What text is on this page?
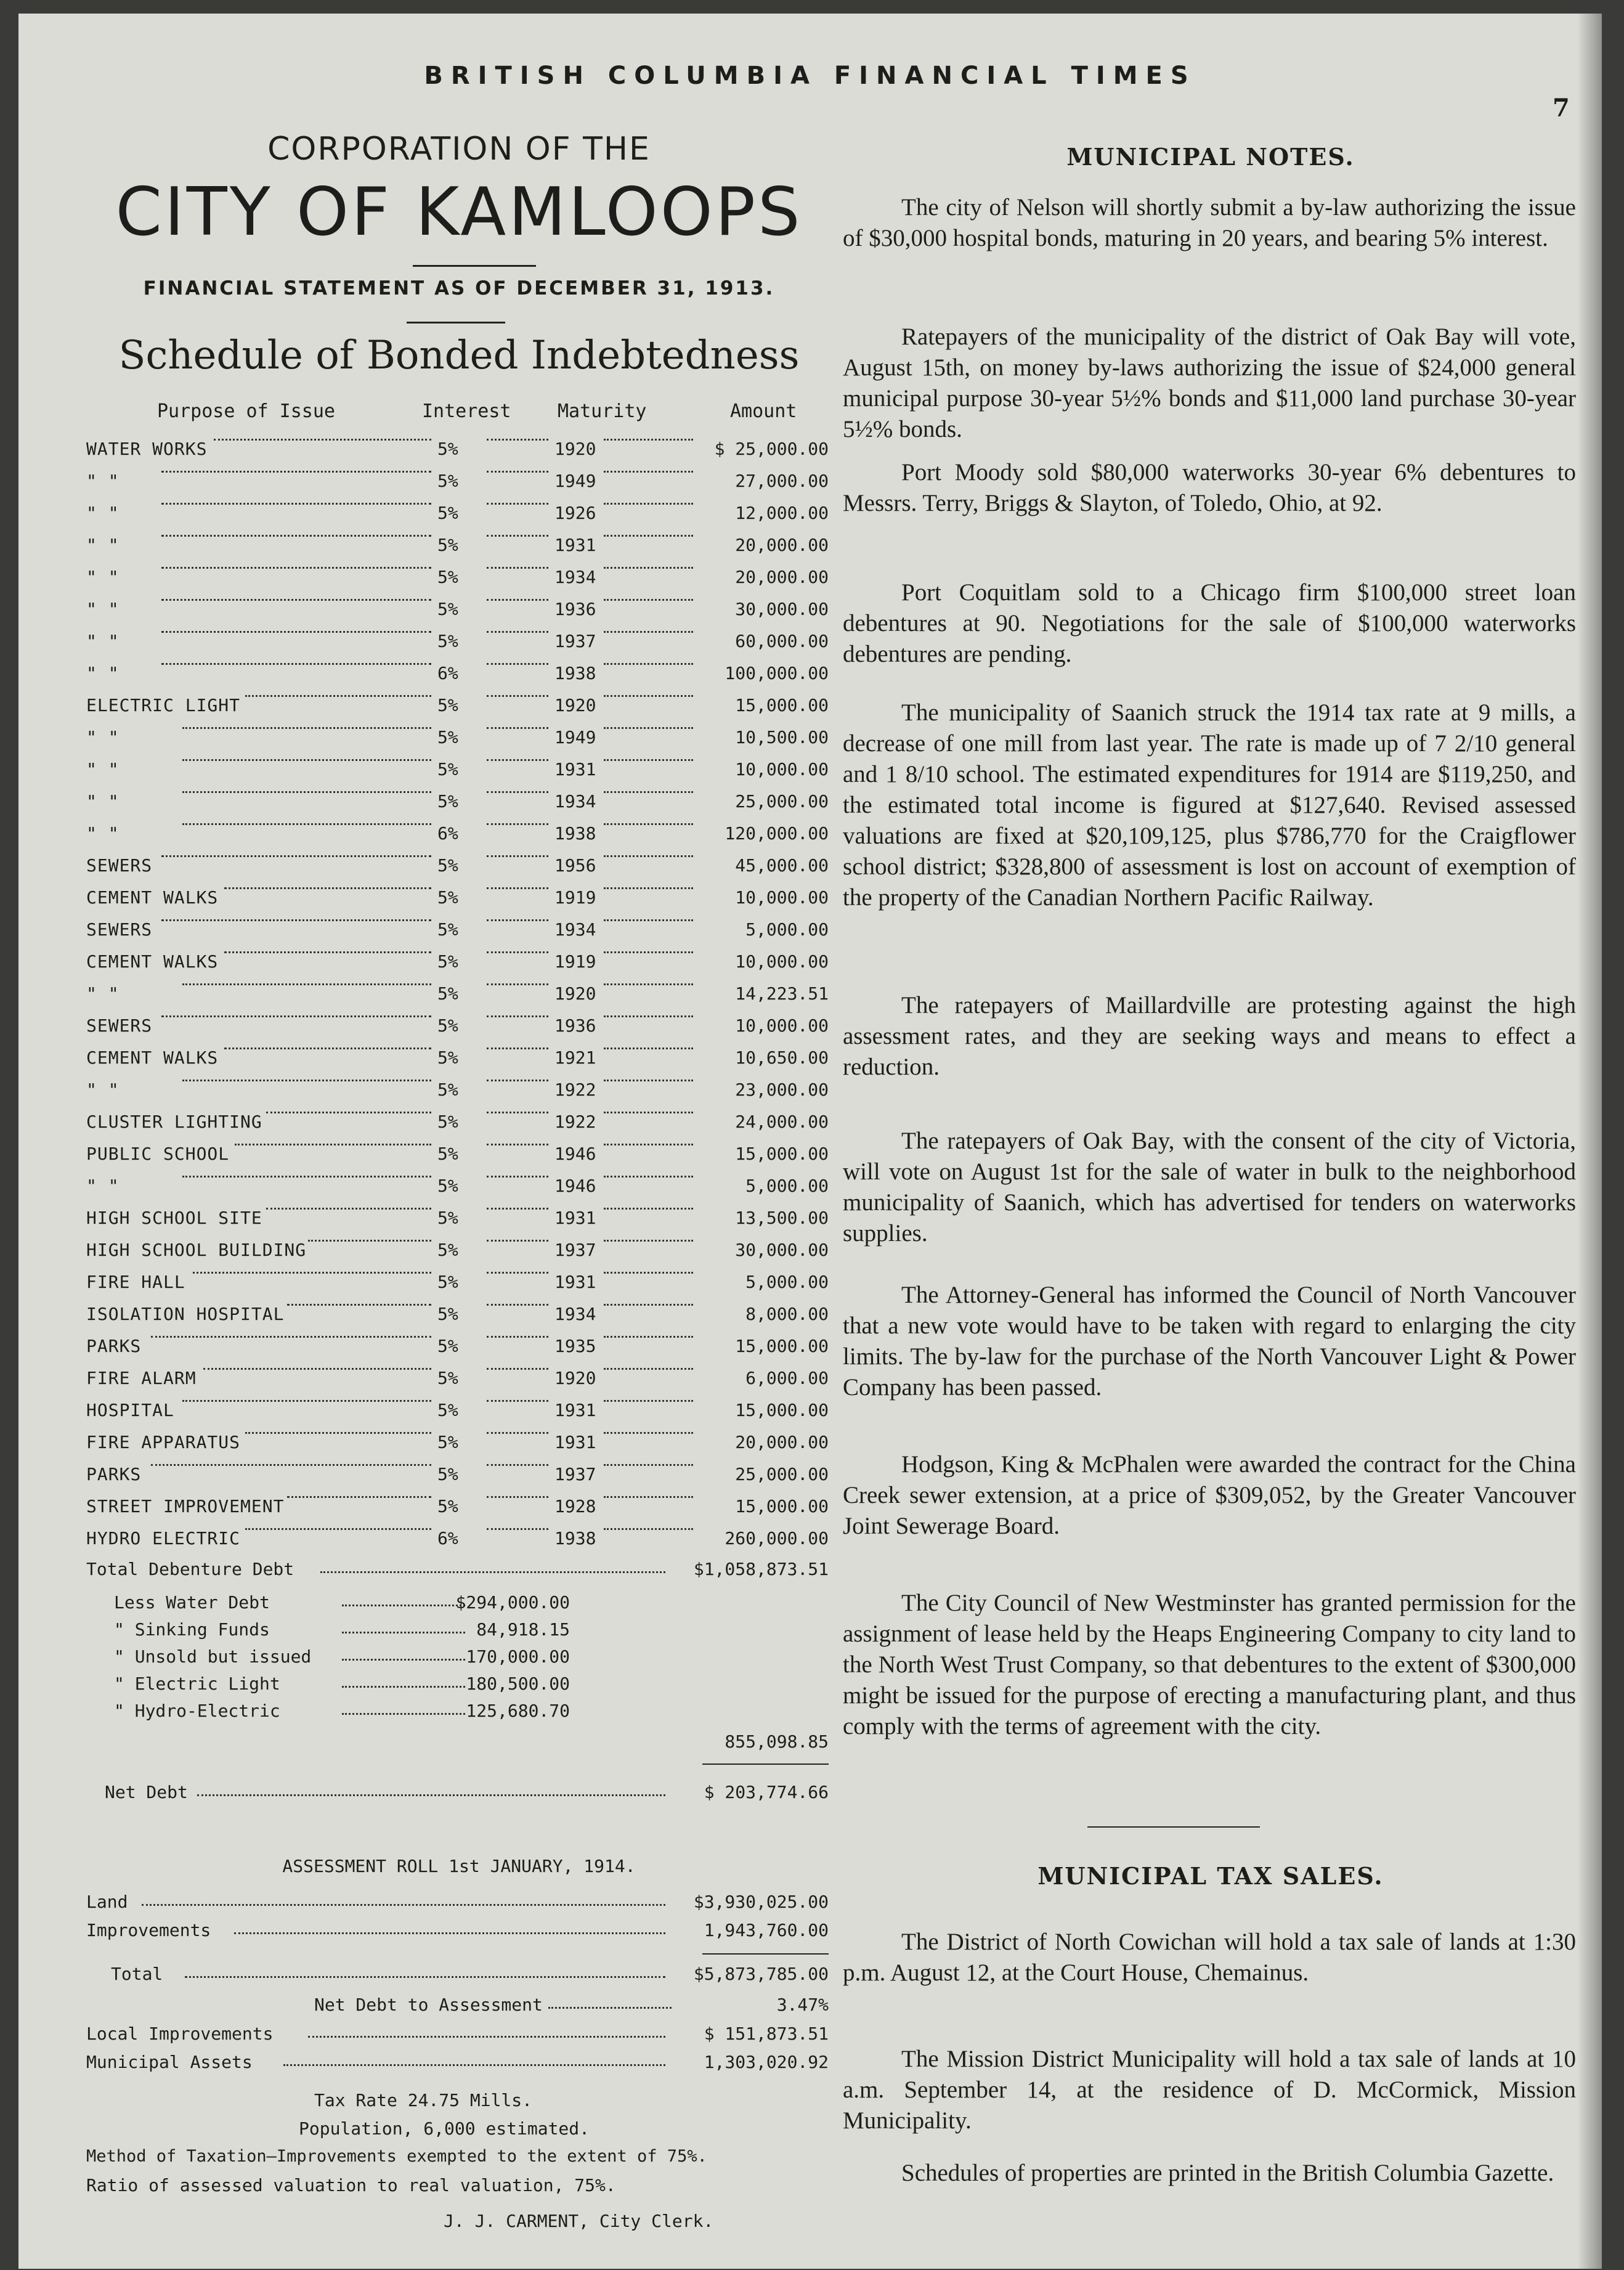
BRITISH COLUMBIA FINANCIAL TIMES
7
CORPORATION OF THE
CITY OF KAMLOOPS
FINANCIAL STATEMENT AS OF DECEMBER 31, 1913.
Schedule of Bonded Indebtedness
Purpose of Issue	Interest	Maturity	Amount
WATER WORKS	5%	1920	$ 25,000.00
" "	5%	1949	27,000.00
" "	5%	1926	12,000.00
" "	5%	1931	20,000.00
" "	5%	1934	20,000.00
" "	5%	1936	30,000.00
" "	5%	1937	60,000.00
" "	6%	1938	100,000.00
ELECTRIC LIGHT	5%	1920	15,000.00
" "	5%	1949	10,500.00
" "	5%	1931	10,000.00
" "	5%	1934	25,000.00
" "	6%	1938	120,000.00
SEWERS	5%	1956	45,000.00
CEMENT WALKS	5%	1919	10,000.00
SEWERS	5%	1934	5,000.00
CEMENT WALKS	5%	1919	10,000.00
" "	5%	1920	14,223.51
SEWERS	5%	1936	10,000.00
CEMENT WALKS	5%	1921	10,650.00
" "	5%	1922	23,000.00
CLUSTER LIGHTING	5%	1922	24,000.00
PUBLIC SCHOOL	5%	1946	15,000.00
" "	5%	1946	5,000.00
HIGH SCHOOL SITE	5%	1931	13,500.00
HIGH SCHOOL BUILDING	5%	1937	30,000.00
FIRE HALL	5%	1931	5,000.00
ISOLATION HOSPITAL	5%	1934	8,000.00
PARKS	5%	1935	15,000.00
FIRE ALARM	5%	1920	6,000.00
HOSPITAL	5%	1931	15,000.00
FIRE APPARATUS	5%	1931	20,000.00
PARKS	5%	1937	25,000.00
STREET IMPROVEMENT	5%	1928	15,000.00
HYDRO ELECTRIC	6%	1938	260,000.00
Total Debenture Debt	$1,058,873.51
Less Water Debt	$294,000.00
" Sinking Funds	84,918.15
" Unsold but issued	170,000.00
" Electric Light	180,500.00
" Hydro-Electric	125,680.70
855,098.85
Net Debt	$ 203,774.66
ASSESSMENT ROLL 1st JANUARY, 1914.
Land	$3,930,025.00
Improvements	1,943,760.00
Total	$5,873,785.00
Net Debt to Assessment	3.47%
Local Improvements	$ 151,873.51
Municipal Assets	1,303,020.92
Tax Rate 24.75 Mills.
Population, 6,000 estimated.
Method of Taxation—Improvements exempted to the extent of 75%.
Ratio of assessed valuation to real valuation, 75%.
J. J. CARMENT, City Clerk.
MUNICIPAL NOTES.

The city of Nelson will shortly submit a by-law authorizing the issue of $30,000 hospital bonds, maturing in 20 years, and bearing 5% interest.

Ratepayers of the municipality of the district of Oak Bay will vote, August 15th, on money by-laws authorizing the issue of $24,000 general municipal purpose 30-year 5½% bonds and $11,000 land purchase 30-year 5½% bonds.

Port Moody sold $80,000 waterworks 30-year 6% debentures to Messrs. Terry, Briggs & Slayton, of Toledo, Ohio, at 92.

Port Coquitlam sold to a Chicago firm $100,000 street loan debentures at 90. Negotiations for the sale of $100,000 waterworks debentures are pending.

The municipality of Saanich struck the 1914 tax rate at 9 mills, a decrease of one mill from last year. The rate is made up of 7 2/10 general and 1 8/10 school. The estimated expenditures for 1914 are $119,250, and the estimated total income is figured at $127,640. Revised assessed valuations are fixed at $20,109,125, plus $786,770 for the Craigflower school district; $328,800 of assessment is lost on account of exemption of the property of the Canadian Northern Pacific Railway.

The ratepayers of Maillardville are protesting against the high assessment rates, and they are seeking ways and means to effect a reduction.

The ratepayers of Oak Bay, with the consent of the city of Victoria, will vote on August 1st for the sale of water in bulk to the neighborhood municipality of Saanich, which has advertised for tenders on waterworks supplies.

The Attorney-General has informed the Council of North Vancouver that a new vote would have to be taken with regard to enlarging the city limits. The by-law for the purchase of the North Vancouver Light & Power Company has been passed.

Hodgson, King & McPhalen were awarded the contract for the China Creek sewer extension, at a price of $309,052, by the Greater Vancouver Joint Sewerage Board.

The City Council of New Westminster has granted permission for the assignment of lease held by the Heaps Engineering Company to city land to the North West Trust Company, so that debentures to the extent of $300,000 might be issued for the purpose of erecting a manufacturing plant, and thus comply with the terms of agreement with the city.

MUNICIPAL TAX SALES.

The District of North Cowichan will hold a tax sale of lands at 1:30 p.m. August 12, at the Court House, Chemainus.

The Mission District Municipality will hold a tax sale of lands at 10 a.m. September 14, at the residence of D. McCormick, Mission Municipality.

Schedules of properties are printed in the British Columbia Gazette.
